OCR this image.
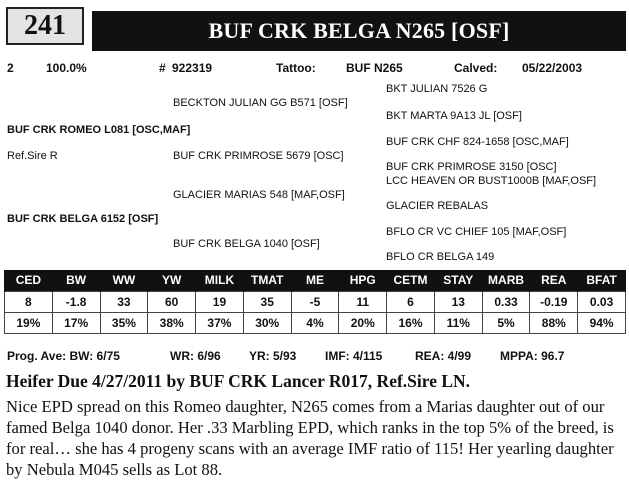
241	BUF CRK BELGA N265 [OSF]
2	100.0%	# 922319	Tattoo:	BUF N265	Calved: 05/22/2003
BKT JULIAN 7526 G
BECKTON JULIAN GG B571 [OSF]
BKT MARTA 9A13 JL [OSF]
BUF CRK ROMEO L081 [OSC,MAF]
BUF CRK CHF 824-1658 [OSC,MAF]
Ref.Sire R	BUF CRK PRIMROSE 5679 [OSC]
BUF CRK PRIMROSE 3150 [OSC]
LCC HEAVEN OR BUST1000B [MAF,OSF]
GLACIER MARIAS 548 [MAF,OSF]
GLACIER REBALAS
BUF CRK BELGA 6152 [OSF]
BFLO CR VC CHIEF 105 [MAF,OSF]
BUF CRK BELGA 1040 [OSF]
BFLO CR BELGA 149
CED	BW	WW	YW	MILK	TMAT	ME	HPG	CETM	STAY	MARB	REA	BFAT
8	-1.8	33	60	19	35	-5	11	6	13	0.33	-0.19	0.03
19%	17%	35%	38%	37%	30%	4%	20%	16%	11%	5%	88%	94%
Prog. Ave: BW: 6/75	WR: 6/96 YR: 5/93 IMF: 4/115	REA: 4/99 MPPA: 96.7
Heifer Due 4/27/2011 by BUF CRK Lancer R017, Ref.Sire LN.
Nice EPD spread on this Romeo daughter, N265 comes from a Marias daughter out of our famed Belga 1040 donor. Her .33 Marbling EPD, which ranks in the top 5% of the breed, is for real… she has 4 progeny scans with an average IMF ratio of 115! Her yearling daughter by Nebula M045 sells as Lot 88.
